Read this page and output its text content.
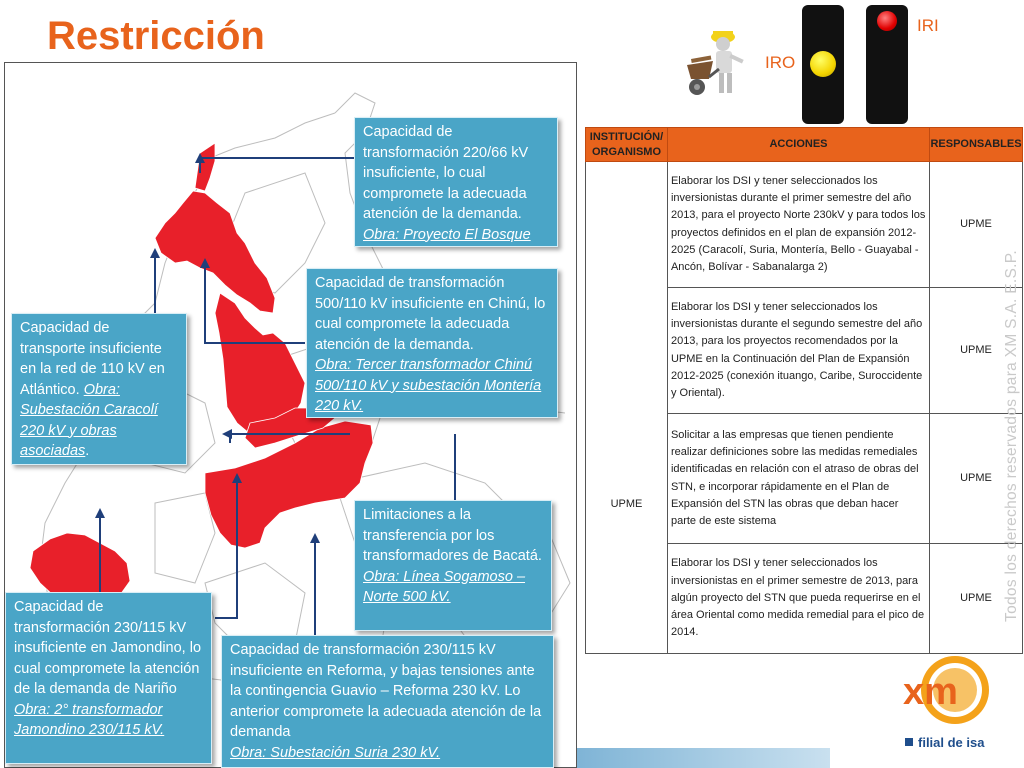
Restricción
IRO
IRI
Capacidad de transformación 220/66 kV insuficiente, lo cual compromete la adecuada atención de la demanda.
Obra: Proyecto El Bosque
Capacidad de transformación 500/110 kV insuficiente en Chinú, lo cual compromete la adecuada atención de la demanda.
Obra: Tercer transformador Chinú 500/110 kV y subestación Montería 220 kV.
Capacidad de transporte insuficiente en la red de 110 kV en Atlántico. Obra: Subestación Caracolí 220 kV y obras asociadas.
Limitaciones a la transferencia por los transformadores de Bacatá.
Obra: Línea Sogamoso – Norte 500 kV.
Capacidad de transformación 230/115 kV insuficiente en Jamondino, lo cual compromete la atención de la demanda de Nariño
Obra: 2° transformador Jamondino 230/115 kV.
Capacidad de transformación 230/115 kV insuficiente en Reforma, y bajas tensiones ante la contingencia Guavio – Reforma 230 kV. Lo anterior compromete la adecuada atención de la demanda
Obra: Subestación Suria 230 kV.
INSTITUCIÓN/ ORGANISMO	ACCIONES	RESPONSABLES
UPME	Elaborar los DSI y tener seleccionados los inversionistas durante el primer semestre del año 2013, para el proyecto Norte 230kV y para todos los proyectos definidos en el plan de expansión 2012-2025 (Caracolí, Suria, Montería, Bello - Guayabal - Ancón, Bolívar - Sabanalarga 2)	UPME
	Elaborar los DSI y tener seleccionados los inversionistas durante el segundo semestre del año 2013, para los proyectos recomendados por la UPME en la Continuación del Plan de Expansión 2012-2025 (conexión ituango, Caribe, Suroccidente y Oriental).	UPME
	Solicitar a las empresas que tienen pendiente realizar definiciones sobre las medidas remediales identificadas en relación con el atraso de obras del STN, e incorporar rápidamente en el Plan de Expansión del STN las obras que deban hacer parte de este sistema	UPME
	Elaborar los DSI y tener seleccionados los inversionistas en el primer semestre de 2013, para algún proyecto del STN que pueda requerirse en el área Oriental como medida remedial para el pico de 2014.	UPME Todos los derechos reservados para XM S.A. E.S.P.
xm
filial de isa
